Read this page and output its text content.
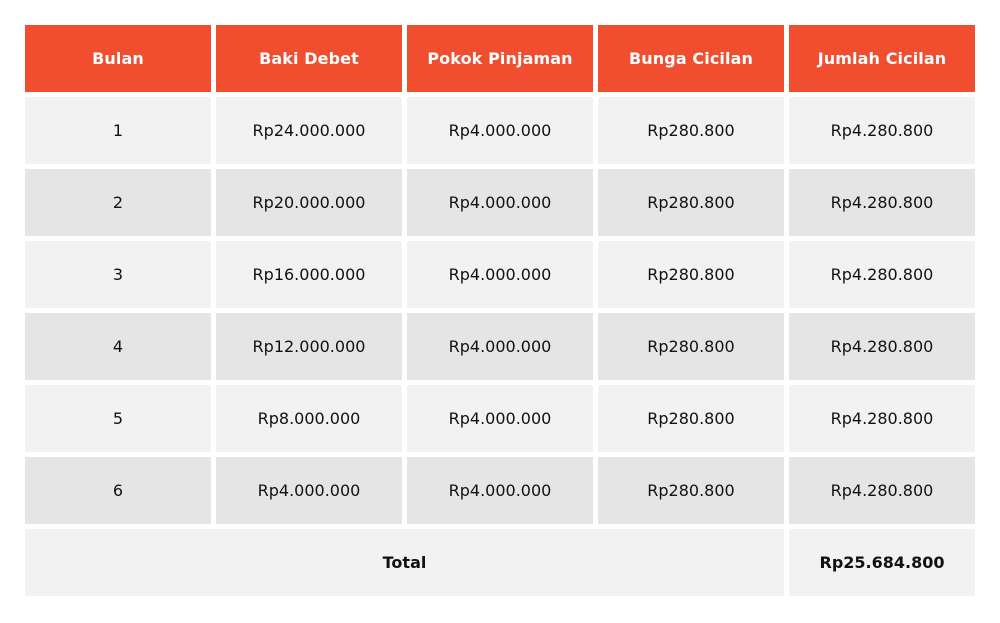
Bulan	Baki Debet	Pokok Pinjaman	Bunga Cicilan	Jumlah Cicilan
1	Rp24.000.000	Rp4.000.000	Rp280.800	Rp4.280.800
2	Rp20.000.000	Rp4.000.000	Rp280.800	Rp4.280.800
3	Rp16.000.000	Rp4.000.000	Rp280.800	Rp4.280.800
4	Rp12.000.000	Rp4.000.000	Rp280.800	Rp4.280.800
5	Rp8.000.000	Rp4.000.000	Rp280.800	Rp4.280.800
6	Rp4.000.000	Rp4.000.000	Rp280.800	Rp4.280.800
Total				Rp25.684.800
